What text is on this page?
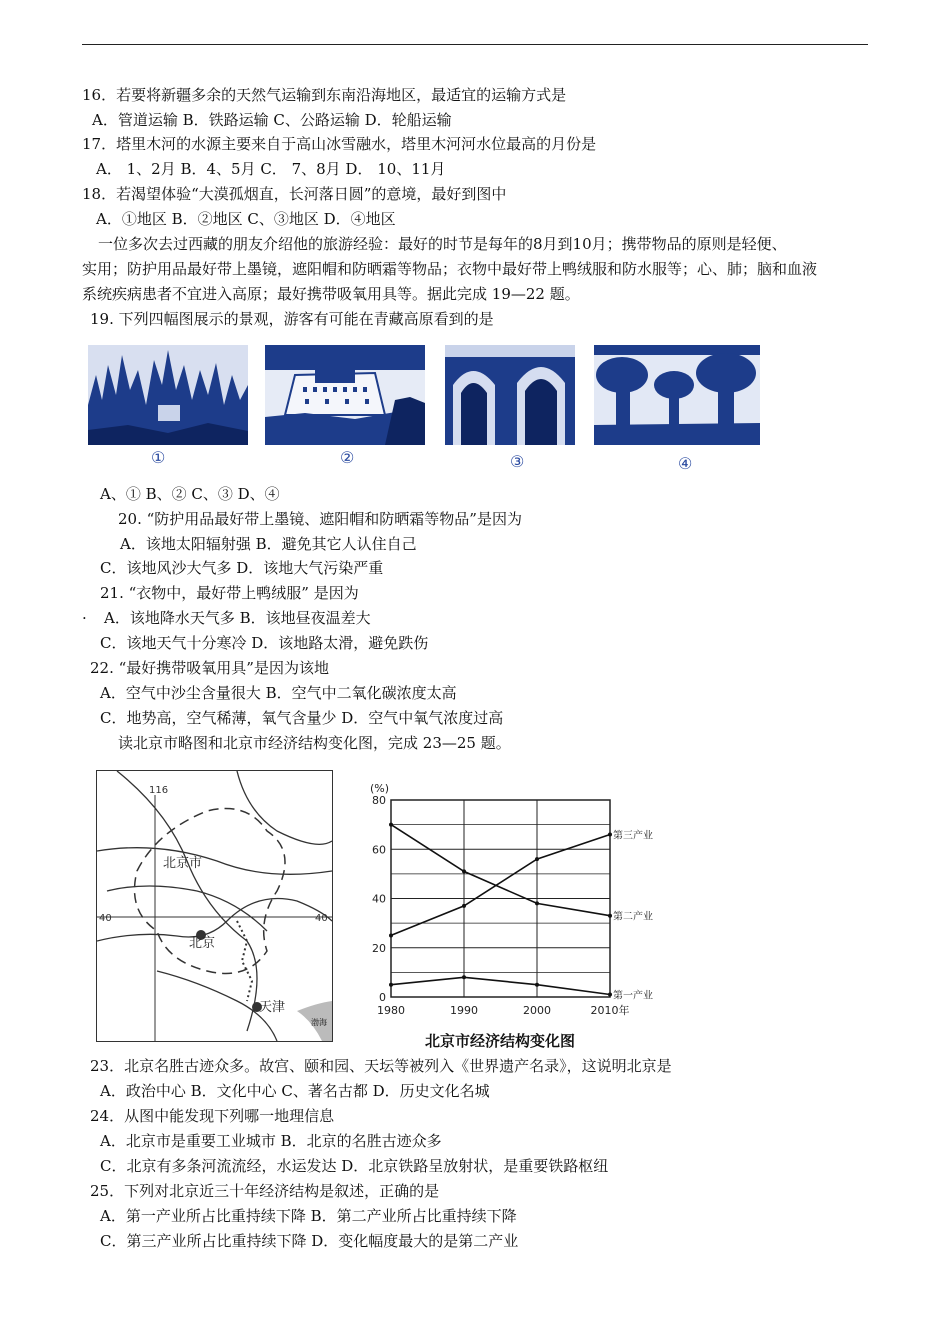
16．若要将新疆多余的天然气运输到东南沿海地区，最适宜的运输方式是
A．管道运输 B．铁路运输 C、公路运输 D．轮船运输
17．塔里木河的水源主要来自于高山冰雪融水，塔里木河河水位最高的月份是
A． 1、2月 B．4、5月 C． 7、8月 D． 10、11月
18．若渴望体验“大漠孤烟直，长河落日圆”的意境，最好到图中
A．①地区 B．②地区 C、③地区 D．④地区
一位多次去过西藏的朋友介绍他的旅游经验：最好的时节是每年的8月到10月；携带物品的原则是轻便、
实用；防护用品最好带上墨镜，遮阳帽和防晒霜等物品；衣物中最好带上鸭绒服和防水服等；心、肺；脑和血液
系统疾病患者不宜进入高原；最好携带吸氧用具等。据此完成 19—22 题。
19. 下列四幅图展示的景观，游客有可能在青藏高原看到的是
①	②	③	④
A、① B、② C、③ D、④
20. “防护用品最好带上墨镜、遮阳帽和防晒霜等物品”是因为
A．该地太阳辐射强 B．避免其它人认住自己
C．该地风沙大气多 D．该地大气污染严重
21. “衣物中，最好带上鸭绒服” 是因为
· A．该地降水天气多 B．该地昼夜温差大
C．该地天气十分寒冷 D．该地路太滑，避免跌伤
22. “最好携带吸氧用具”是因为该地
A．空气中沙尘含量很大 B．空气中二氧化碳浓度太高
C．地势高，空气稀薄，氧气含量少 D．空气中氧气浓度过高
读北京市略图和北京市经济结构变化图，完成 23—25 题。
116
40	40
北京市
北京
天津
渤海
1980	1990	2000	2010年
0
20
40
60
80
(%)
第三产业
第二产业
第一产业
北京市经济结构变化图
23．北京名胜古迹众多。故宫、颐和园、天坛等被列入《世界遗产名录》，这说明北京是
A．政治中心 B．文化中心 C、著名古都 D．历史文化名城
24．从图中能发现下列哪一地理信息
A．北京市是重要工业城市 B．北京的名胜古迹众多
C．北京有多条河流流经，水运发达 D．北京铁路呈放射状，是重要铁路枢纽
25．下列对北京近三十年经济结构是叙述，正确的是
A．第一产业所占比重持续下降 B．第二产业所占比重持续下降
C．第三产业所占比重持续下降 D．变化幅度最大的是第二产业
